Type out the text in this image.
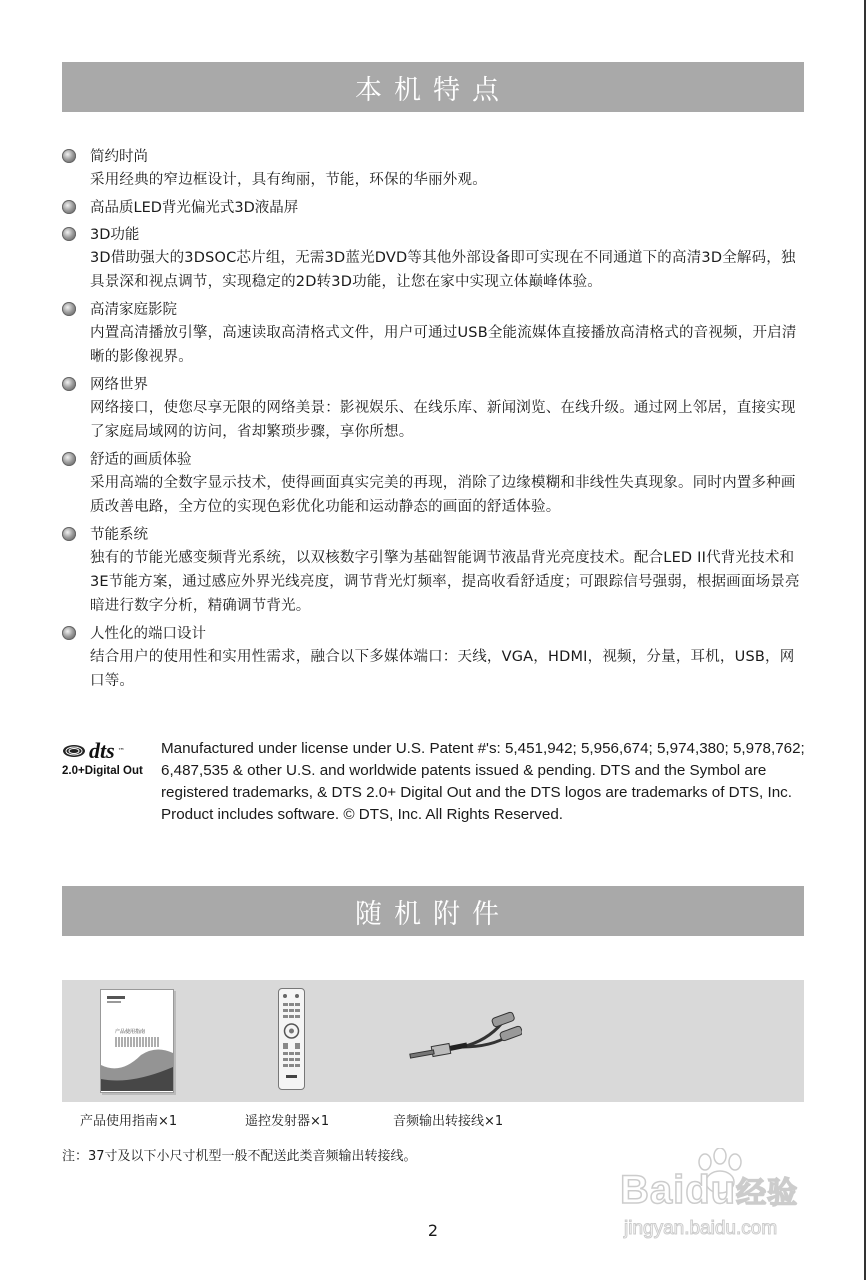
本机特点
简约时尚
采用经典的窄边框设计，具有绚丽，节能，环保的华丽外观。
高品质LED背光偏光式3D液晶屏
3D功能
3D借助强大的3DSOC芯片组，无需3D蓝光DVD等其他外部设备即可实现在不同通道下的高清3D全解码，独具景深和视点调节，实现稳定的2D转3D功能，让您在家中实现立体巅峰体验。
高清家庭影院
内置高清播放引擎，高速读取高清格式文件，用户可通过USB全能流媒体直接播放高清格式的音视频，开启清晰的影像视界。
网络世界
网络接口，使您尽享无限的网络美景：影视娱乐、在线乐库、新闻浏览、在线升级。通过网上邻居，直接实现了家庭局域网的访问，省却繁琐步骤，享你所想。
舒适的画质体验
采用高端的全数字显示技术，使得画面真实完美的再现，消除了边缘模糊和非线性失真现象。同时内置多种画质改善电路，全方位的实现色彩优化功能和运动静态的画面的舒适体验。
节能系统
独有的节能光感变频背光系统，以双核数字引擎为基础智能调节液晶背光亮度技术。配合LED II代背光技术和3E节能方案，通过感应外界光线亮度，调节背光灯频率，提高收看舒适度；可跟踪信号强弱，根据画面场景亮暗进行数字分析，精确调节背光。
人性化的端口设计
结合用户的使用性和实用性需求，融合以下多媒体端口：天线，VGA，HDMI，视频，分量，耳机，USB，网口等。
dts ™
2.0+Digital Out
Manufactured under license under U.S. Patent #'s: 5,451,942; 5,956,674; 5,974,380; 5,978,762; 6,487,535 & other U.S. and worldwide patents issued & pending. DTS and the Symbol are registered trademarks, & DTS 2.0+ Digital Out and the DTS logos are trademarks of DTS, Inc. Product includes software. © DTS, Inc. All Rights Reserved.
随机附件
产品使用指南
产品使用指南×1	遥控发射器×1	音频输出转接线×1
注：37寸及以下小尺寸机型一般不配送此类音频输出转接线。
Baidu经验
jingyan.baidu.com
2
